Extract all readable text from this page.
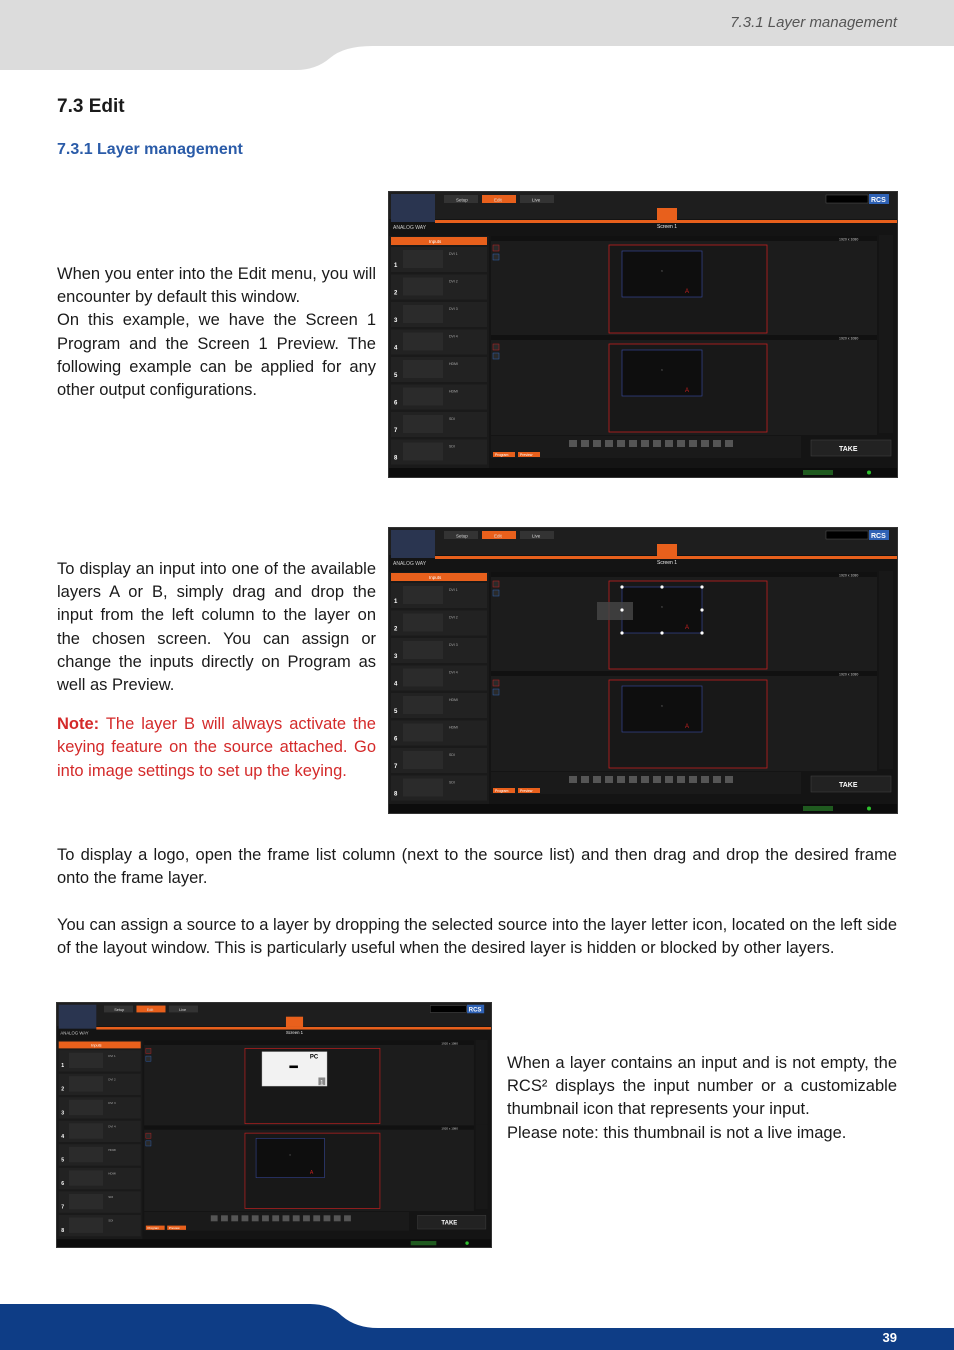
7.3.1 Layer management
7.3 Edit
7.3.1 Layer management

When you enter into the Edit menu, you will encounter by default this window.

On this example, we have the Screen 1 Program and the Screen 1 Preview. The following example can be applied for any other output configurations.

ANALOG WAY
Setup	Edit	Live	RCS
Screen 1
Inputs
1
DVI 1
2
DVI 2
3
DVI 3
4
DVI 4
5
HDMI
6
HDMI
7
SDI
8
SDI
1920 x 1080
B
A
1920 x 1080
B
A
Program	Preview
TAKE

To display an input into one of the available layers A or B, simply drag and drop the input from the left column to the layer on the chosen screen. You can assign or change the inputs directly on Program as well as Preview.

Note: The layer B will always activate the keying feature on the source attached. Go into image settings to set up the keying.

ANALOG WAY
Setup	Edit	Live	RCS
Screen 1
Inputs
1
DVI 1
2
DVI 2
3
DVI 3
4
DVI 4
5
HDMI
6
HDMI
7
SDI
8
SDI
1920 x 1080
B
A
1920 x 1080
B
A
Program	Preview
TAKE

To display a logo, open the frame list column (next to the source list) and then drag and drop the desired frame onto the frame layer.

You can assign a source to a layer by dropping the selected source into the layer letter icon, located on the left side of the layout window. This is particularly useful when the desired layer is hidden or blocked by other layers.

ANALOG WAY
Setup	Edit	Live	RCS
Screen 1
Inputs
1
DVI 1
2
DVI 2
3
DVI 3
4
DVI 4
5
HDMI
6
HDMI
7
SDI
8
SDI
1920 x 1080
PC
1
1920 x 1080
B
A
Program	Preview
TAKE

When a layer contains an input and is not empty, the RCS² displays the input number or a customizable thumbnail icon that represents your input.

Please note: this thumbnail is not a live image.

39
